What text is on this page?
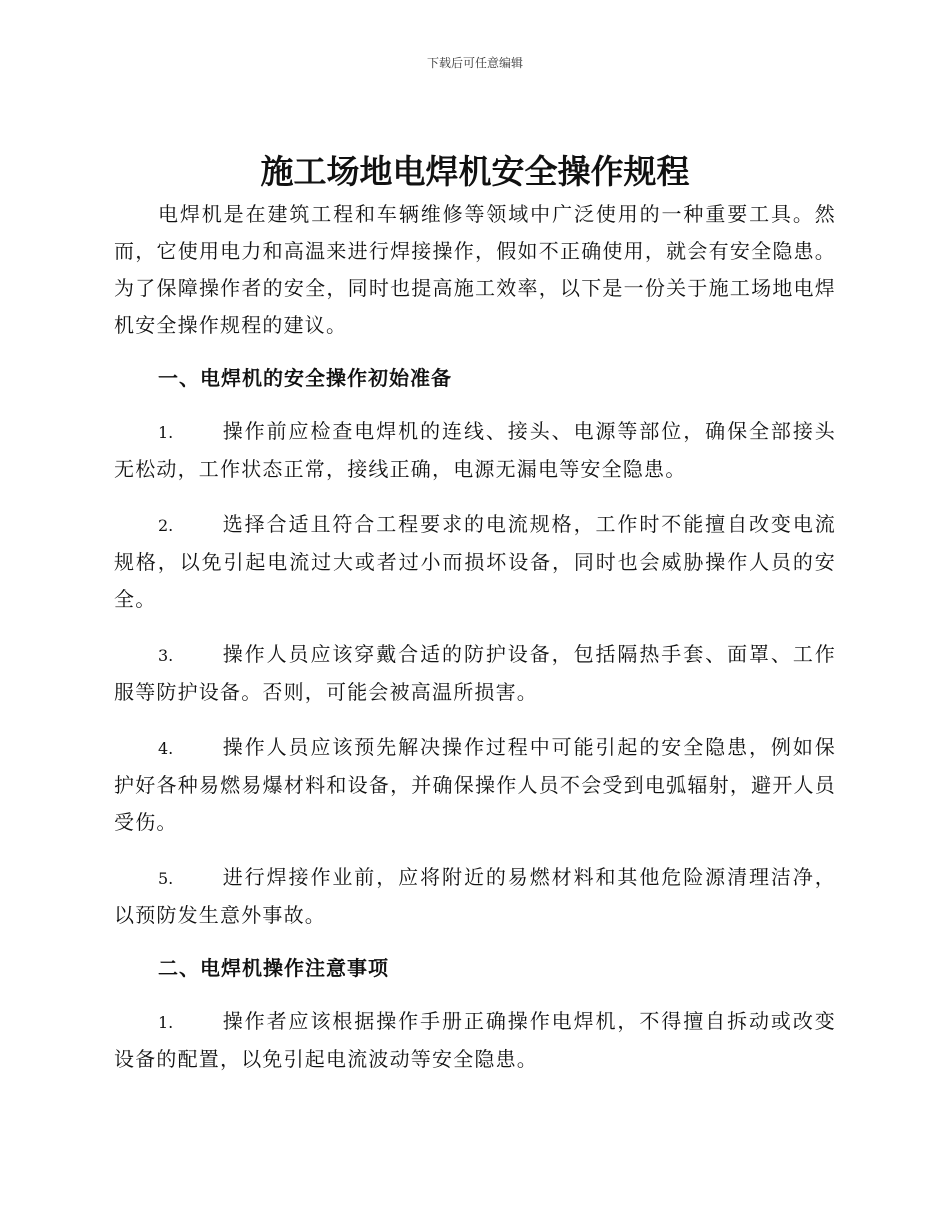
下载后可任意编辑
施工场地电焊机安全操作规程

电焊机是在建筑工程和车辆维修等领域中广泛使用的一种重要工具。然而，它使用电力和高温来进行焊接操作，假如不正确使用，就会有安全隐患。为了保障操作者的安全，同时也提高施工效率，以下是一份关于施工场地电焊机安全操作规程的建议。

一、电焊机的安全操作初始准备

1. 操作前应检查电焊机的连线、接头、电源等部位，确保全部接头无松动，工作状态正常，接线正确，电源无漏电等安全隐患。

2. 选择合适且符合工程要求的电流规格，工作时不能擅自改变电流规格，以免引起电流过大或者过小而损坏设备，同时也会威胁操作人员的安全。

3. 操作人员应该穿戴合适的防护设备，包括隔热手套、面罩、工作服等防护设备。否则，可能会被高温所损害。

4. 操作人员应该预先解决操作过程中可能引起的安全隐患，例如保护好各种易燃易爆材料和设备，并确保操作人员不会受到电弧辐射，避开人员受伤。

5. 进行焊接作业前，应将附近的易燃材料和其他危险源清理洁净，以预防发生意外事故。

二、电焊机操作注意事项

1. 操作者应该根据操作手册正确操作电焊机，不得擅自拆动或改变设备的配置，以免引起电流波动等安全隐患。
